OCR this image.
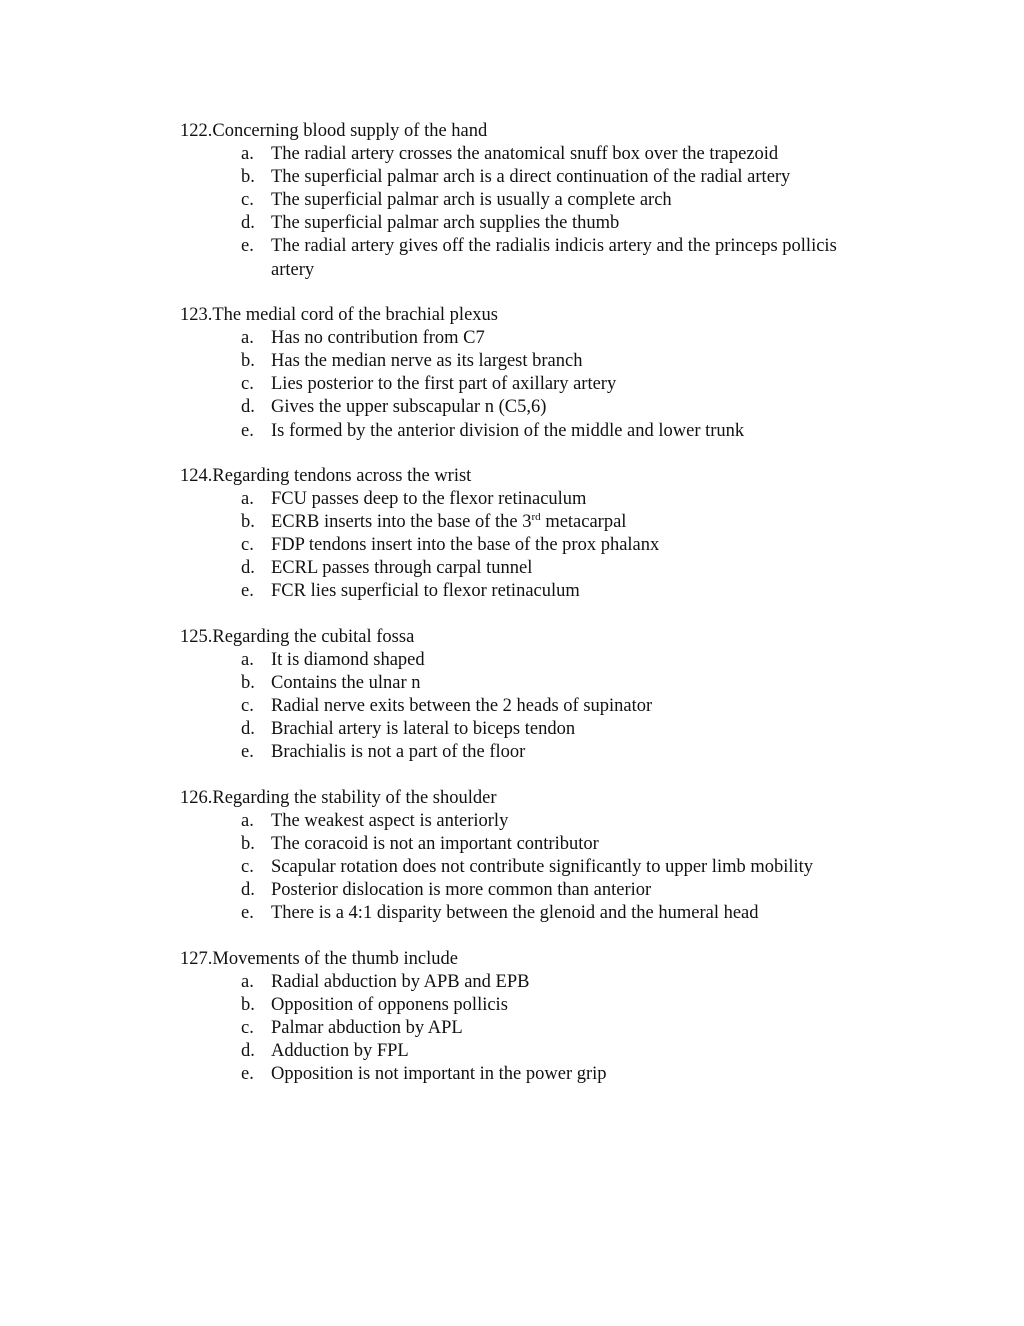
122.Concerning blood supply of the hand

a. The radial artery crosses the anatomical snuff box over the trapezoid
b. The superficial palmar arch is a direct continuation of the radial artery
c. The superficial palmar arch is usually a complete arch
d. The superficial palmar arch supplies the thumb
e. The radial artery gives off the radialis indicis artery and the princeps pollicis artery

123.The medial cord of the brachial plexus

a. Has no contribution from C7
b. Has the median nerve as its largest branch
c. Lies posterior to the first part of axillary artery
d. Gives the upper subscapular n (C5,6)
e. Is formed by the anterior division of the middle and lower trunk

124.Regarding tendons across the wrist

a. FCU passes deep to the flexor retinaculum
b. ECRB inserts into the base of the 3rd metacarpal
c. FDP tendons insert into the base of the prox phalanx
d. ECRL passes through carpal tunnel
e. FCR lies superficial to flexor retinaculum

125.Regarding the cubital fossa

a. It is diamond shaped
b. Contains the ulnar n
c. Radial nerve exits between the 2 heads of supinator
d. Brachial artery is lateral to biceps tendon
e. Brachialis is not a part of the floor

126.Regarding the stability of the shoulder

a. The weakest aspect is anteriorly
b. The coracoid is not an important contributor
c. Scapular rotation does not contribute significantly to upper limb mobility
d. Posterior dislocation is more common than anterior
e. There is a 4:1 disparity between the glenoid and the humeral head

127.Movements of the thumb include

a. Radial abduction by APB and EPB
b. Opposition of opponens pollicis
c. Palmar abduction by APL
d. Adduction by FPL
e. Opposition is not important in the power grip
